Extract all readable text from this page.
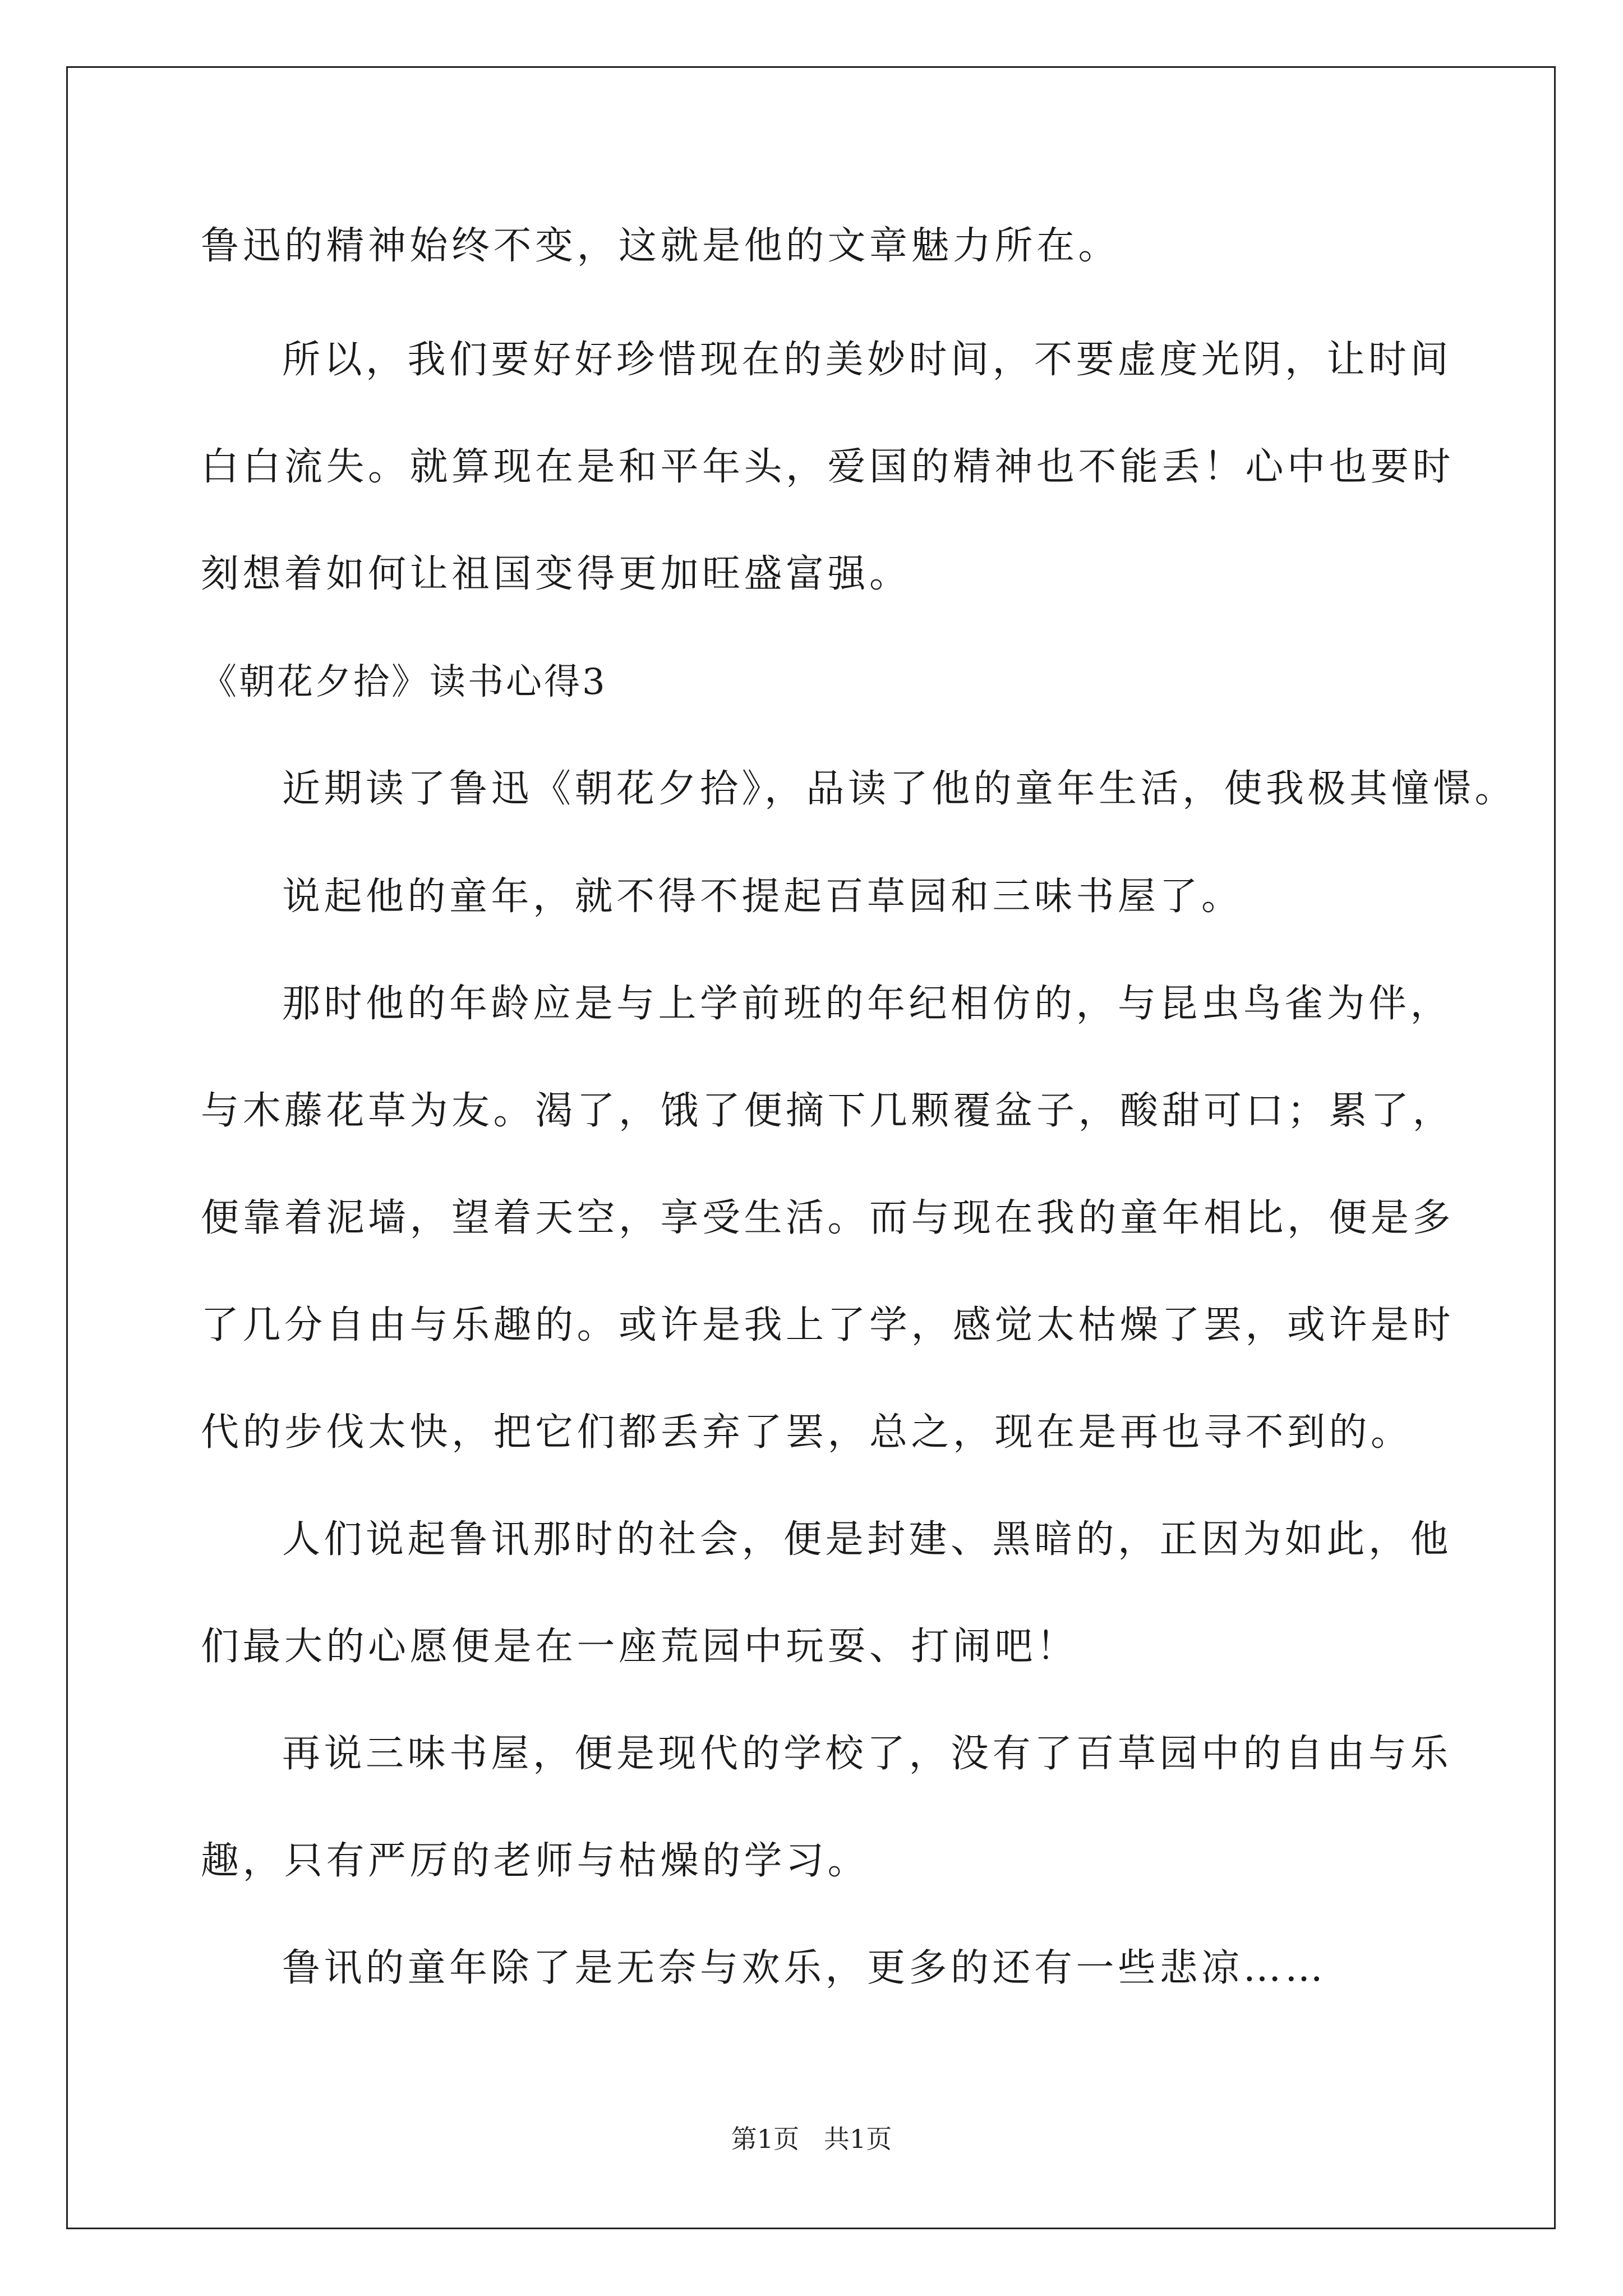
鲁迅的精神始终不变，这就是他的文章魅力所在。

所以，我们要好好珍惜现在的美妙时间，不要虚度光阴，让时间

白白流失。就算现在是和平年头，爱国的精神也不能丢！心中也要时

刻想着如何让祖国变得更加旺盛富强。

《朝花夕拾》读书心得3

近期读了鲁迅《朝花夕拾》，品读了他的童年生活，使我极其憧憬。

说起他的童年，就不得不提起百草园和三味书屋了。

那时他的年龄应是与上学前班的年纪相仿的，与昆虫鸟雀为伴，

与木藤花草为友。渴了，饿了便摘下几颗覆盆子，酸甜可口；累了，

便靠着泥墙，望着天空，享受生活。而与现在我的童年相比，便是多

了几分自由与乐趣的。或许是我上了学，感觉太枯燥了罢，或许是时

代的步伐太快，把它们都丢弃了罢，总之，现在是再也寻不到的。

人们说起鲁讯那时的社会，便是封建、黑暗的，正因为如此，他

们最大的心愿便是在一座荒园中玩耍、打闹吧！

再说三味书屋，便是现代的学校了，没有了百草园中的自由与乐

趣，只有严厉的老师与枯燥的学习。

鲁讯的童年除了是无奈与欢乐，更多的还有一些悲凉……

第1页   共1页
